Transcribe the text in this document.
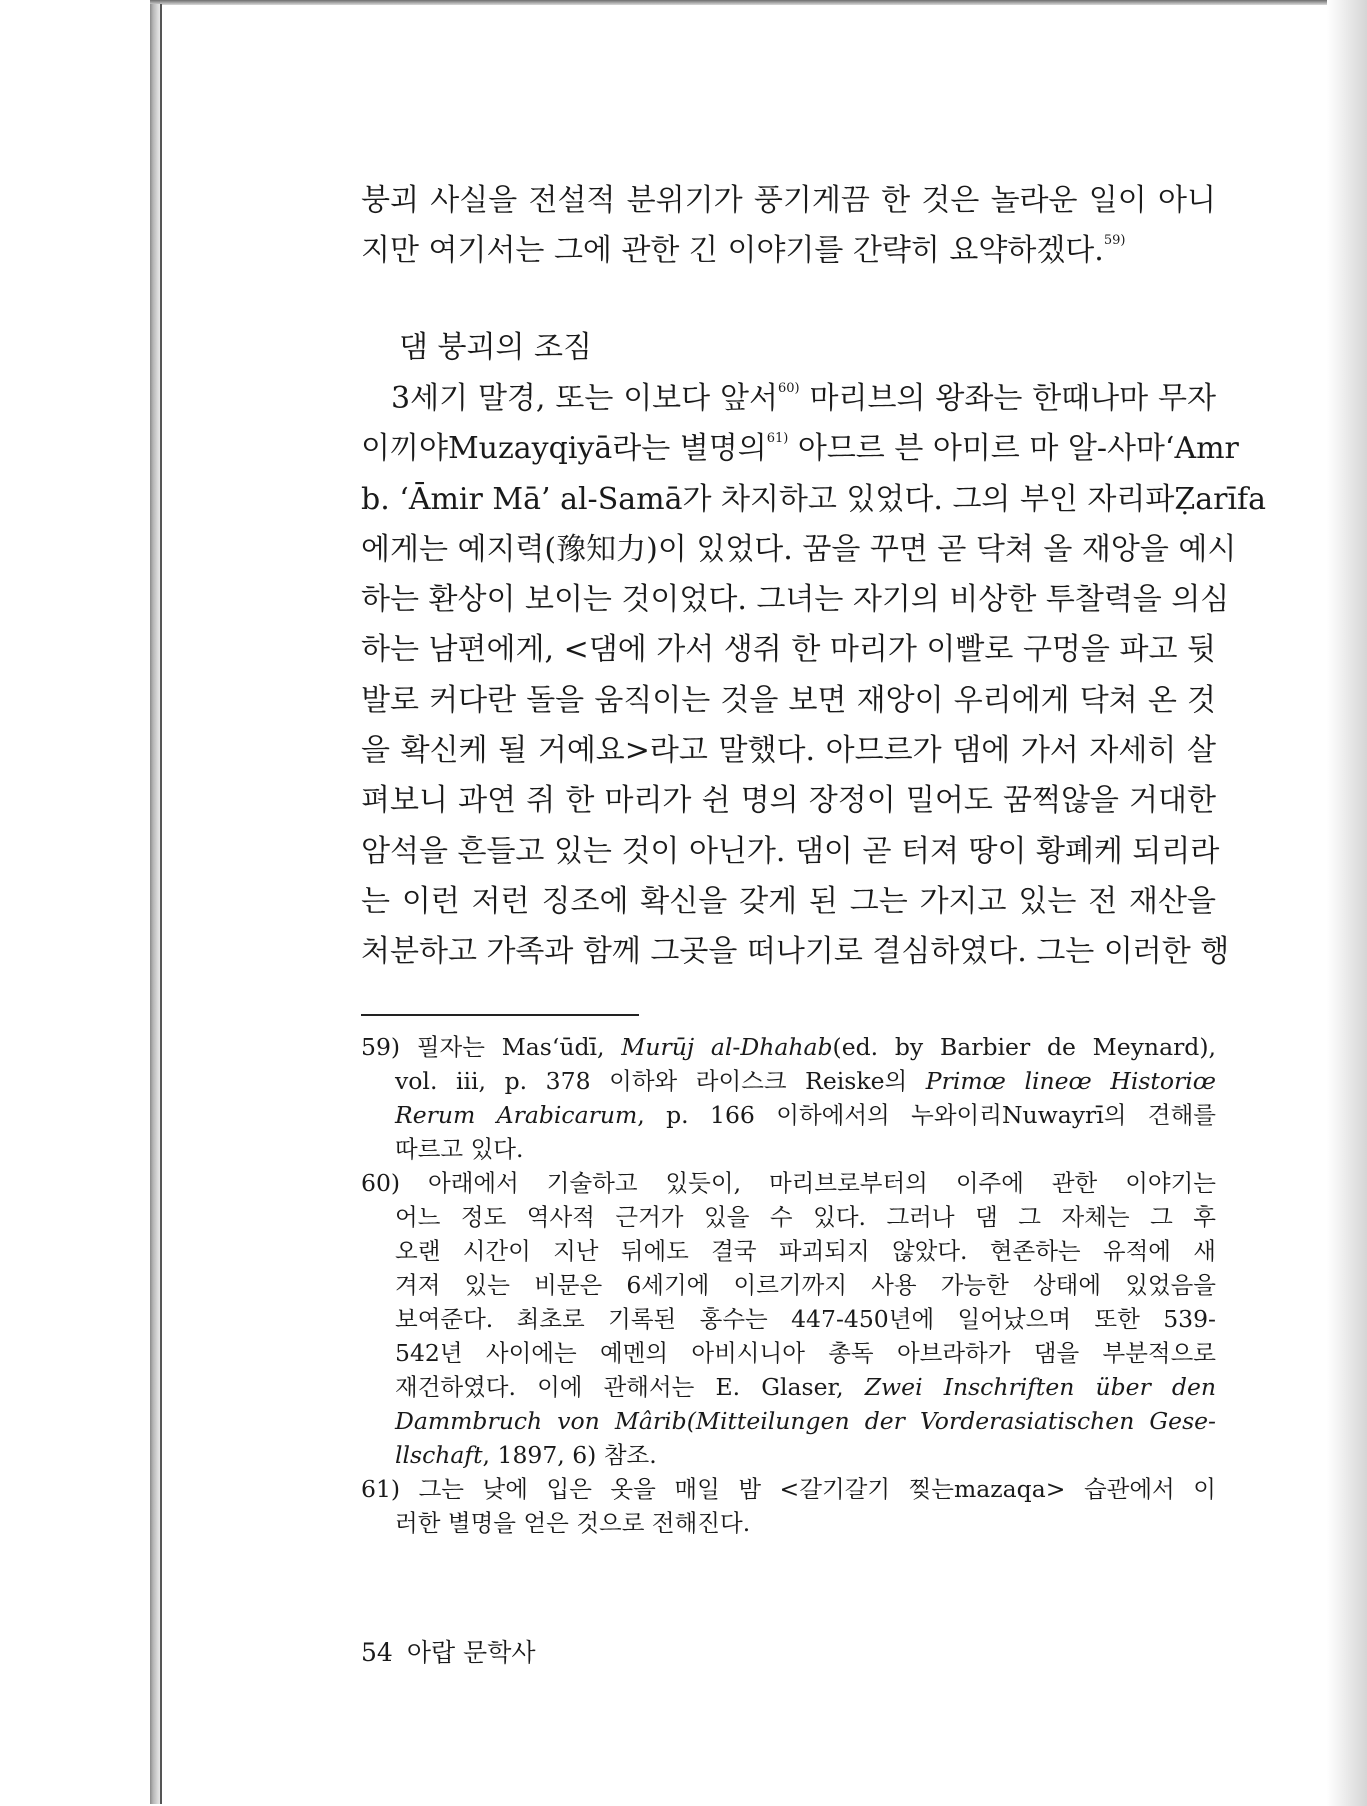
붕괴 사실을 전설적 분위기가 풍기게끔 한 것은 놀라운 일이 아니
지만 여기서는 그에 관한 긴 이야기를 간략히 요약하겠다.$^{59)}$
댐 붕괴의 조짐
3세기 말경, 또는 이보다 앞서$^{60)}$ 마리브의 왕좌는 한때나마 무자
이끼야Muzayqiyā라는 별명의$^{61)}$ 아므르 븐 아미르 마 알-사마‘Amr
b. ‘Āmir Mā’ al-Samā가 차지하고 있었다. 그의 부인 자리파Ẓarīfa
에게는 예지력(豫知力)이 있었다. 꿈을 꾸면 곧 닥쳐 올 재앙을 예시
하는 환상이 보이는 것이었다. 그녀는 자기의 비상한 투찰력을 의심
하는 남편에게, <댐에 가서 생쥐 한 마리가 이빨로 구멍을 파고 뒷
발로 커다란 돌을 움직이는 것을 보면 재앙이 우리에게 닥쳐 온 것
을 확신케 될 거예요>라고 말했다. 아므르가 댐에 가서 자세히 살
펴보니 과연 쥐 한 마리가 쉰 명의 장정이 밀어도 꿈쩍않을 거대한
암석을 흔들고 있는 것이 아닌가. 댐이 곧 터져 땅이 황폐케 되리라
는 이런 저런 징조에 확신을 갖게 된 그는 가지고 있는 전 재산을
처분하고 가족과 함께 그곳을 떠나기로 결심하였다. 그는 이러한 행
59) 필자는 Mas‘ūdī, Murūj al-Dhahab(ed. by Barbier de Meynard),
vol. iii, p. 378 이하와 라이스크 Reiske의 Primœ lineœ Historiœ
Rerum Arabicarum, p. 166 이하에서의 누와이리Nuwayrī의 견해를
따르고 있다.
60) 아래에서 기술하고 있듯이, 마리브로부터의 이주에 관한 이야기는
어느 정도 역사적 근거가 있을 수 있다. 그러나 댐 그 자체는 그 후
오랜 시간이 지난 뒤에도 결국 파괴되지 않았다. 현존하는 유적에 새
겨져 있는 비문은 6세기에 이르기까지 사용 가능한 상태에 있었음을
보여준다. 최초로 기록된 홍수는 447-450년에 일어났으며 또한 539-
542년 사이에는 예멘의 아비시니아 총독 아브라하가 댐을 부분적으로
재건하였다. 이에 관해서는 E. Glaser, Zwei Inschriften über den
Dammbruch von Mârib(Mitteilungen der Vorderasiatischen Gese-
llschaft, 1897, 6) 참조.
61) 그는 낮에 입은 옷을 매일 밤 <갈기갈기 찢는mazaqa> 습관에서 이
러한 별명을 얻은 것으로 전해진다.
54 아랍 문학사
